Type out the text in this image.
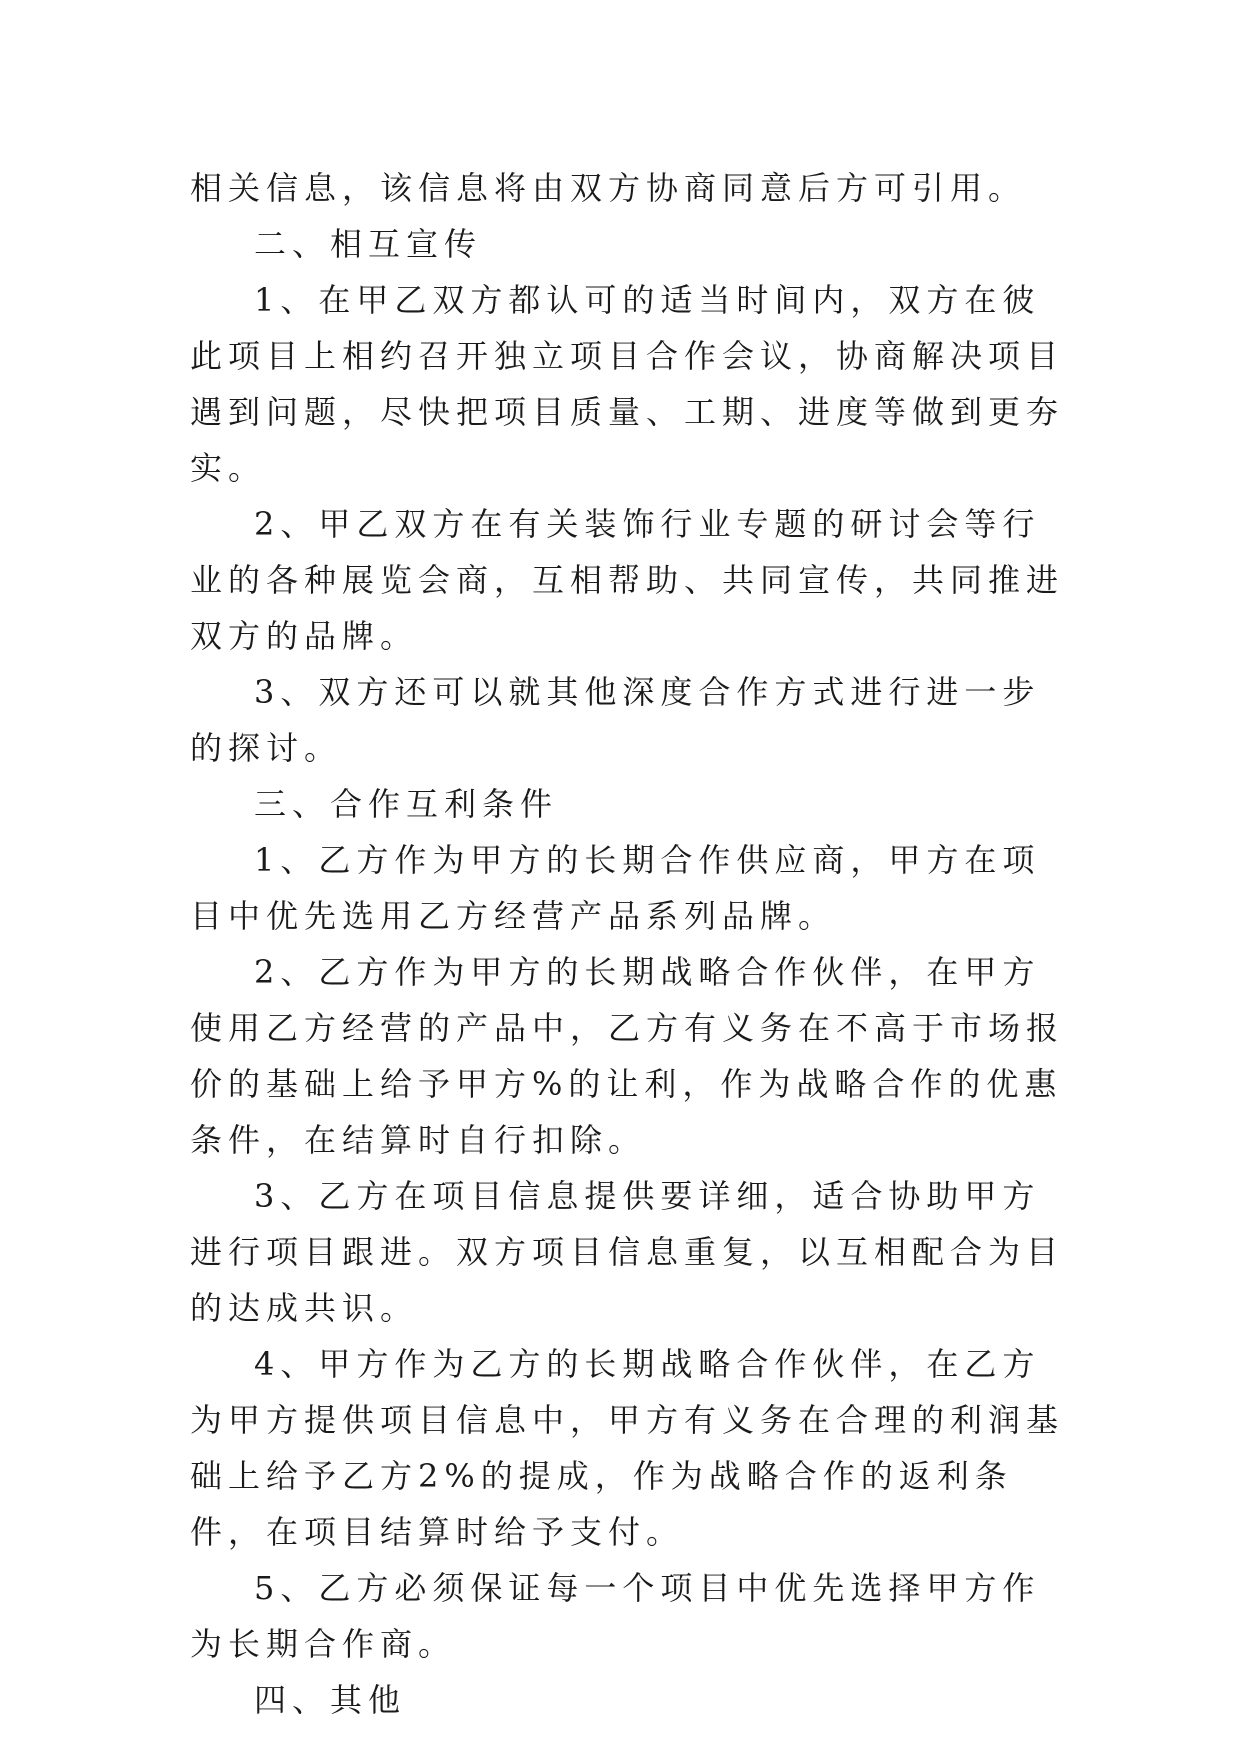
相关信息，该信息将由双方协商同意后方可引用。

二、相互宣传

1、在甲乙双方都认可的适当时间内，双方在彼此项目上相约召开独立项目合作会议，协商解决项目遇到问题，尽快把项目质量、工期、进度等做到更夯实。

2、甲乙双方在有关装饰行业专题的研讨会等行业的各种展览会商，互相帮助、共同宣传，共同推进双方的品牌。

3、双方还可以就其他深度合作方式进行进一步的探讨。

三、合作互利条件

1、乙方作为甲方的长期合作供应商，甲方在项目中优先选用乙方经营产品系列品牌。

2、乙方作为甲方的长期战略合作伙伴，在甲方使用乙方经营的产品中，乙方有义务在不高于市场报价的基础上给予甲方%的让利，作为战略合作的优惠条件，在结算时自行扣除。

3、乙方在项目信息提供要详细，适合协助甲方进行项目跟进。双方项目信息重复，以互相配合为目的达成共识。

4、甲方作为乙方的长期战略合作伙伴，在乙方为甲方提供项目信息中，甲方有义务在合理的利润基础上给予乙方2%的提成，作为战略合作的返利条件，在项目结算时给予支付。

5、乙方必须保证每一个项目中优先选择甲方作为长期合作商。

四、其他
